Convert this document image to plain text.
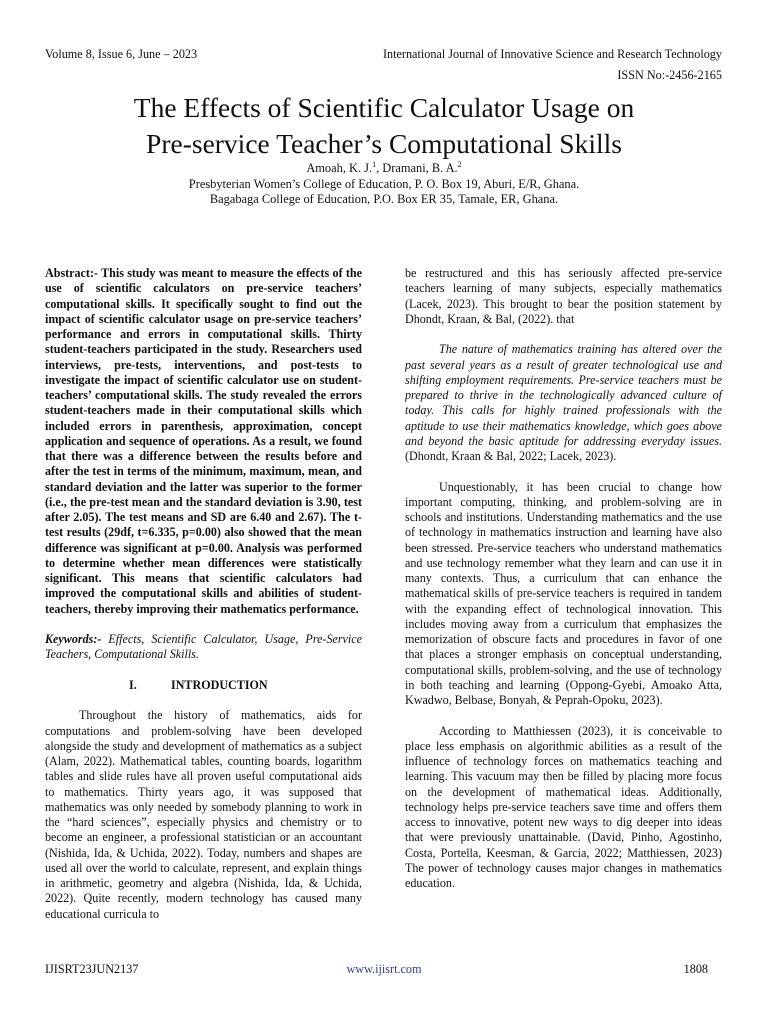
Volume 8, Issue 6, June – 2023	International Journal of Innovative Science and Research Technology
ISSN No:-2456-2165
The Effects of Scientific Calculator Usage on
Pre-service Teacher’s Computational Skills
Amoah, K. J.$^1$, Dramani, B. A.$^2$
Presbyterian Women’s College of Education, P. O. Box 19, Aburi, E/R, Ghana.
Bagabaga College of Education, P.O. Box ER 35, Tamale, ER, Ghana.

Abstract:- This study was meant to measure the effects of the use of scientific calculators on pre-service teachers’ computational skills. It specifically sought to find out the impact of scientific calculator usage on pre-service teachers’ performance and errors in computational skills. Thirty student-teachers participated in the study. Researchers used interviews, pre-tests, interventions, and post-tests to investigate the impact of scientific calculator use on student-teachers’ computational skills. The study revealed the errors student-teachers made in their computational skills which included errors in parenthesis, approximation, concept application and sequence of operations. As a result, we found that there was a difference between the results before and after the test in terms of the minimum, maximum, mean, and standard deviation and the latter was superior to the former (i.e., the pre-test mean and the standard deviation is 3.90, test after 2.05). The test means and SD are 6.40 and 2.67). The t-test results (29df, t=6.335, p=0.00) also showed that the mean difference was significant at p=0.00. Analysis was performed to determine whether mean differences were statistically significant. This means that scientific calculators had improved the computational skills and abilities of student-teachers, thereby improving their mathematics performance.

Keywords:- Effects, Scientific Calculator, Usage, Pre-Service Teachers, Computational Skills.

I.	INTRODUCTION

Throughout the history of mathematics, aids for computations and problem-solving have been developed alongside the study and development of mathematics as a subject (Alam, 2022). Mathematical tables, counting boards, logarithm tables and slide rules have all proven useful computational aids to mathematics. Thirty years ago, it was supposed that mathematics was only needed by somebody planning to work in the “hard sciences”, especially physics and chemistry or to become an engineer, a professional statistician or an accountant (Nishida, Ida, & Uchida, 2022). Today, numbers and shapes are used all over the world to calculate, represent, and explain things in arithmetic, geometry and algebra (Nishida, Ida, & Uchida, 2022). Quite recently, modern technology has caused many educational curricula to

be restructured and this has seriously affected pre-service teachers learning of many subjects, especially mathematics (Lacek, 2023). This brought to bear the position statement by Dhondt, Kraan, & Bal, (2022). that

The nature of mathematics training has altered over the past several years as a result of greater technological use and shifting employment requirements. Pre-service teachers must be prepared to thrive in the technologically advanced culture of today. This calls for highly trained professionals with the aptitude to use their mathematics knowledge, which goes above and beyond the basic aptitude for addressing everyday issues. (Dhondt, Kraan & Bal, 2022; Lacek, 2023).

Unquestionably, it has been crucial to change how important computing, thinking, and problem-solving are in schools and institutions. Understanding mathematics and the use of technology in mathematics instruction and learning have also been stressed. Pre-service teachers who understand mathematics and use technology remember what they learn and can use it in many contexts. Thus, a curriculum that can enhance the mathematical skills of pre-service teachers is required in tandem with the expanding effect of technological innovation. This includes moving away from a curriculum that emphasizes the memorization of obscure facts and procedures in favor of one that places a stronger emphasis on conceptual understanding, computational skills, problem-solving, and the use of technology in both teaching and learning (Oppong-Gyebi, Amoako Atta, Kwadwo, Belbase, Bonyah, & Peprah-Opoku, 2023).

According to Matthiessen (2023), it is conceivable to place less emphasis on algorithmic abilities as a result of the influence of technology forces on mathematics teaching and learning. This vacuum may then be filled by placing more focus on the development of mathematical ideas. Additionally, technology helps pre-service teachers save time and offers them access to innovative, potent new ways to dig deeper into ideas that were previously unattainable. (David, Pinho, Agostinho, Costa, Portella, Keesman, & Garcia, 2022; Matthiessen, 2023) The power of technology causes major changes in mathematics education.

IJISRT23JUN2137	www.ijisrt.com	1808
